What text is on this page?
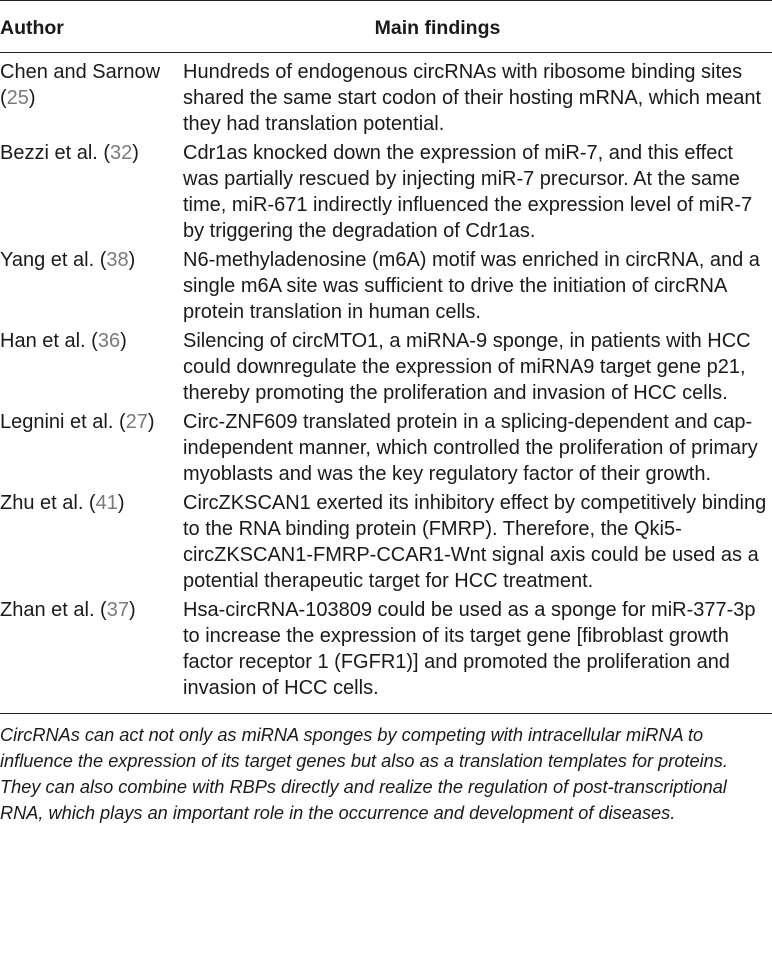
Author	Main findings
Chen and Sarnow (25)	Hundreds of endogenous circRNAs with ribosome binding sites shared the same start codon of their hosting mRNA, which meant they had translation potential.
Bezzi et al. (32)	Cdr1as knocked down the expression of miR-7, and this effect was partially rescued by injecting miR-7 precursor. At the same time, miR-671 indirectly influenced the expression level of miR-7 by triggering the degradation of Cdr1as.
Yang et al. (38)	N6-methyladenosine (m6A) motif was enriched in circRNA, and a single m6A site was sufficient to drive the initiation of circRNA protein translation in human cells.
Han et al. (36)	Silencing of circMTO1, a miRNA-9 sponge, in patients with HCC could downregulate the expression of miRNA9 target gene p21, thereby promoting the proliferation and invasion of HCC cells.
Legnini et al. (27)	Circ-ZNF609 translated protein in a splicing-dependent and cap-independent manner, which controlled the proliferation of primary myoblasts and was the key regulatory factor of their growth.
Zhu et al. (41)	CircZKSCAN1 exerted its inhibitory effect by competitively binding to the RNA binding protein (FMRP). Therefore, the Qki5-circZKSCAN1-FMRP-CCAR1-Wnt signal axis could be used as a potential therapeutic target for HCC treatment.
Zhan et al. (37)	Hsa-circRNA-103809 could be used as a sponge for miR-377-3p to increase the expression of its target gene [fibroblast growth factor receptor 1 (FGFR1)] and promoted the proliferation and invasion of HCC cells.
CircRNAs can act not only as miRNA sponges by competing with intracellular miRNA to influence the expression of its target genes but also as a translation templates for proteins. They can also combine with RBPs directly and realize the regulation of post-transcriptional RNA, which plays an important role in the occurrence and development of diseases.
